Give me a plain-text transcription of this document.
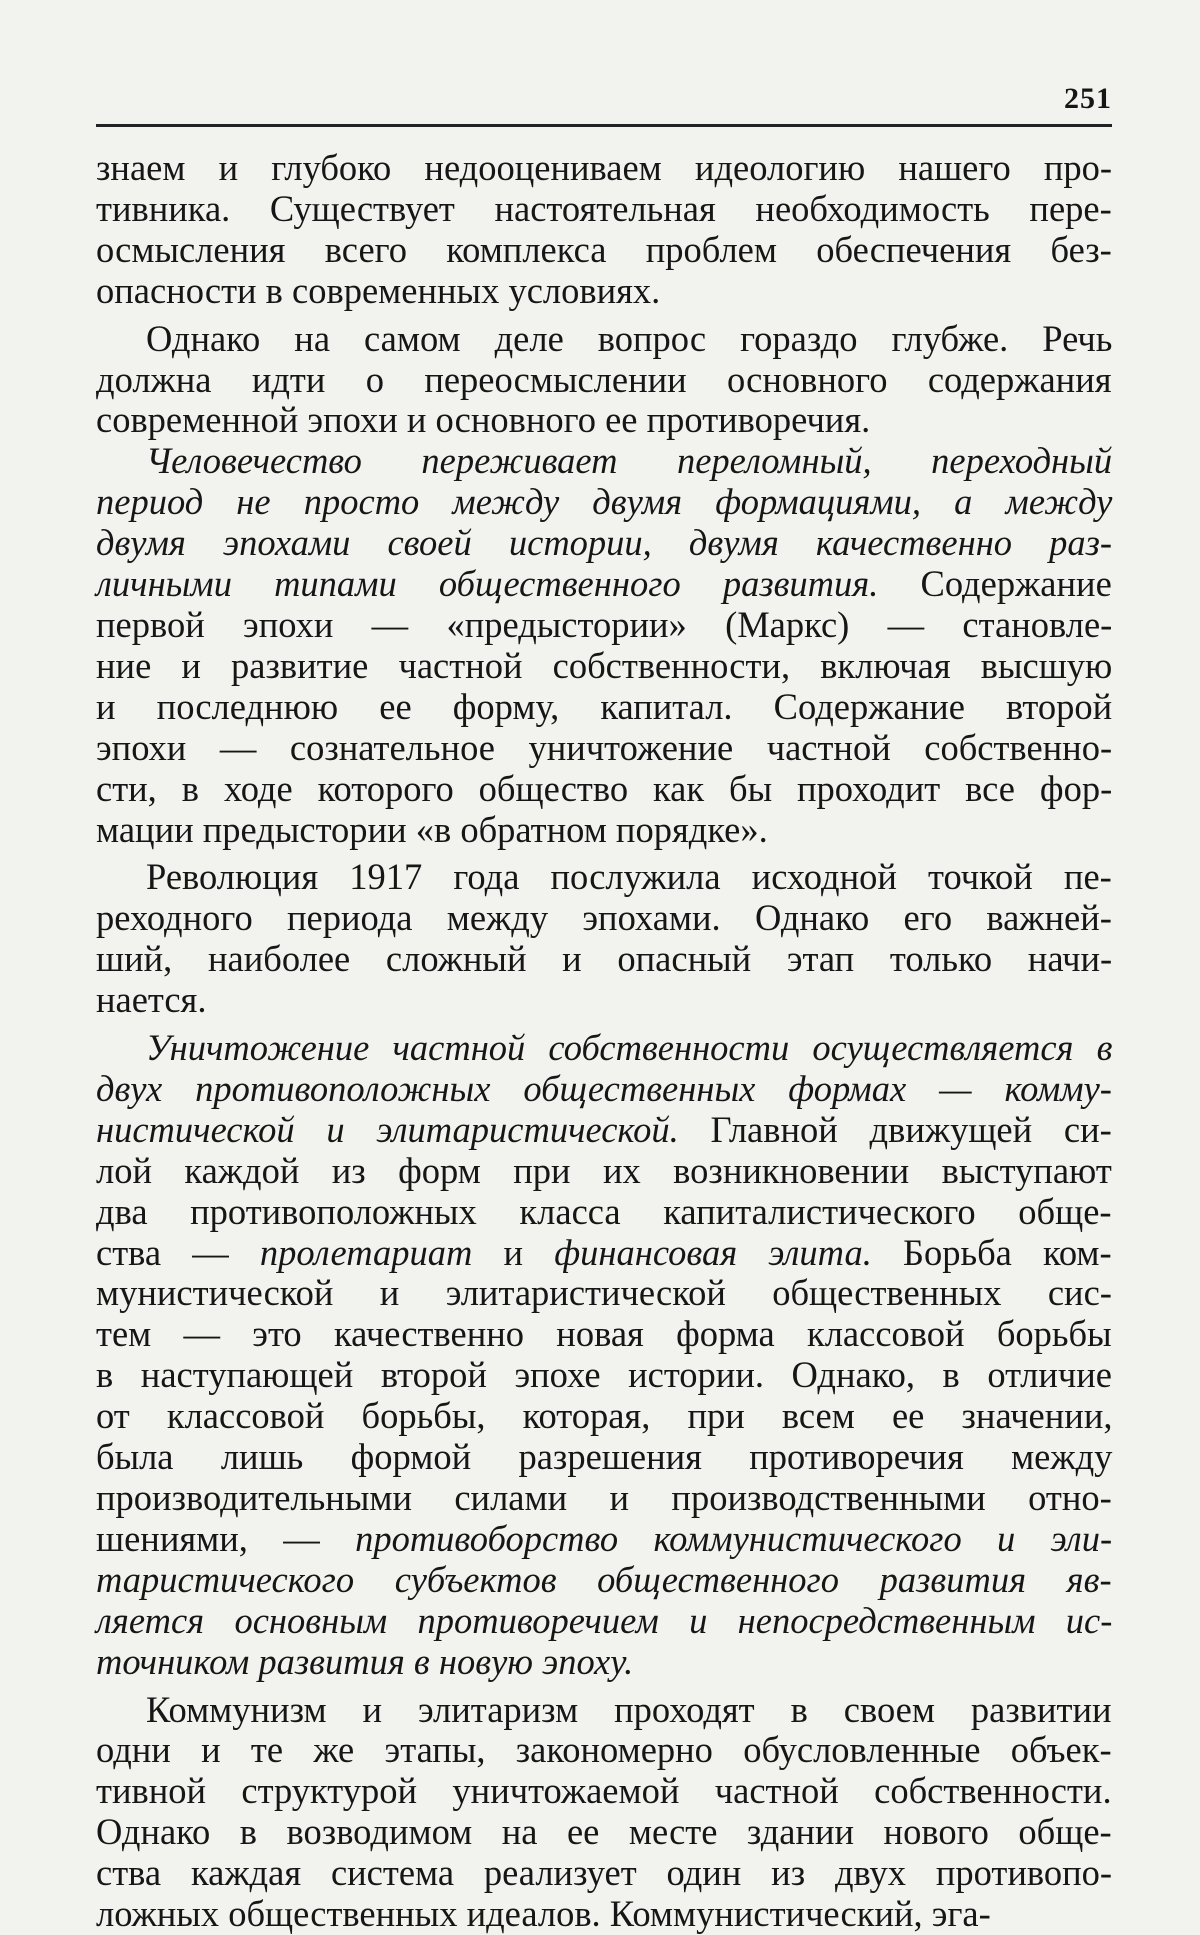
251
знаем и глубоко недооцениваем идеологию нашего про-
тивника. Существует настоятельная необходимость пере-
осмысления всего комплекса проблем обеспечения без-
опасности в современных условиях.
Однако на самом деле вопрос гораздо глубже. Речь
должна идти о переосмыслении основного содержания
современной эпохи и основного ее противоречия.
Человечество переживает переломный, переходный
период не просто между двумя формациями, а между
двумя эпохами своей истории, двумя качественно раз-
личными типами общественного развития. Содержание
первой эпохи — «предыстории» (Маркс) — становле-
ние и развитие частной собственности, включая высшую
и последнюю ее форму, капитал. Содержание второй
эпохи — сознательное уничтожение частной собственно-
сти, в ходе которого общество как бы проходит все фор-
мации предыстории «в обратном порядке».
Революция 1917 года послужила исходной точкой пе-
реходного периода между эпохами. Однако его важней-
ший, наиболее сложный и опасный этап только начи-
нается.
Уничтожение частной собственности осуществляется в
двух противоположных общественных формах — комму-
нистической и элитаристической. Главной движущей си-
лой каждой из форм при их возникновении выступают
два противоположных класса капиталистического обще-
ства — пролетариат и финансовая элита. Борьба ком-
мунистической и элитаристической общественных сис-
тем — это качественно новая форма классовой борьбы
в наступающей второй эпохе истории. Однако, в отличие
от классовой борьбы, которая, при всем ее значении,
была лишь формой разрешения противоречия между
производительными силами и производственными отно-
шениями, — противоборство коммунистического и эли-
таристического субъектов общественного развития яв-
ляется основным противоречием и непосредственным ис-
точником развития в новую эпоху.
Коммунизм и элитаризм проходят в своем развитии
одни и те же этапы, закономерно обусловленные объек-
тивной структурой уничтожаемой частной собственности.
Однако в возводимом на ее месте здании нового обще-
ства каждая система реализует один из двух противопо-
ложных общественных идеалов. Коммунистический, эга-
